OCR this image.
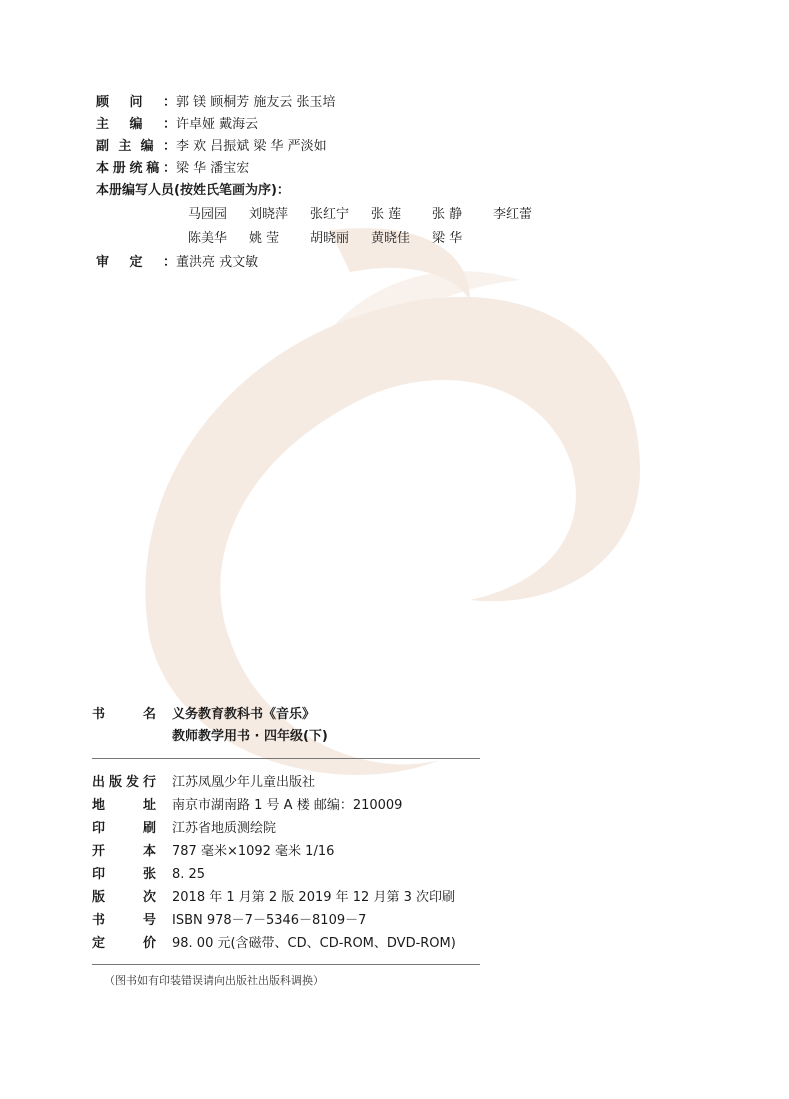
顾问：郭 镁 顾桐芳 施友云 张玉培
主编：许卓娅 戴海云
副主编：李 欢 吕振斌 梁 华 严淡如
本册统稿：梁 华 潘宝宏
本册编写人员(按姓氏笔画为序)：
马园园 刘晓萍 张红宁 张 莲 张 静 李红蕾
陈美华 姚 莹 胡晓丽 黄晓佳 梁 华
审定：董洪亮 戎文敏
书名 义务教育教科书《音乐》
教师教学用书 · 四年级(下)
出版发行 江苏凤凰少年儿童出版社
地址 南京市湖南路 1 号 A 楼 邮编：210009
印刷 江苏省地质测绘院
开本 787 毫米×1092 毫米 1/16
印张 8. 25
版次 2018 年 1 月第 2 版 2019 年 12 月第 3 次印刷
书号 ISBN 978－7－5346－8109－7
定价 98. 00 元(含磁带、CD、CD-ROM、DVD-ROM)
（图书如有印装错误请向出版社出版科调换）
